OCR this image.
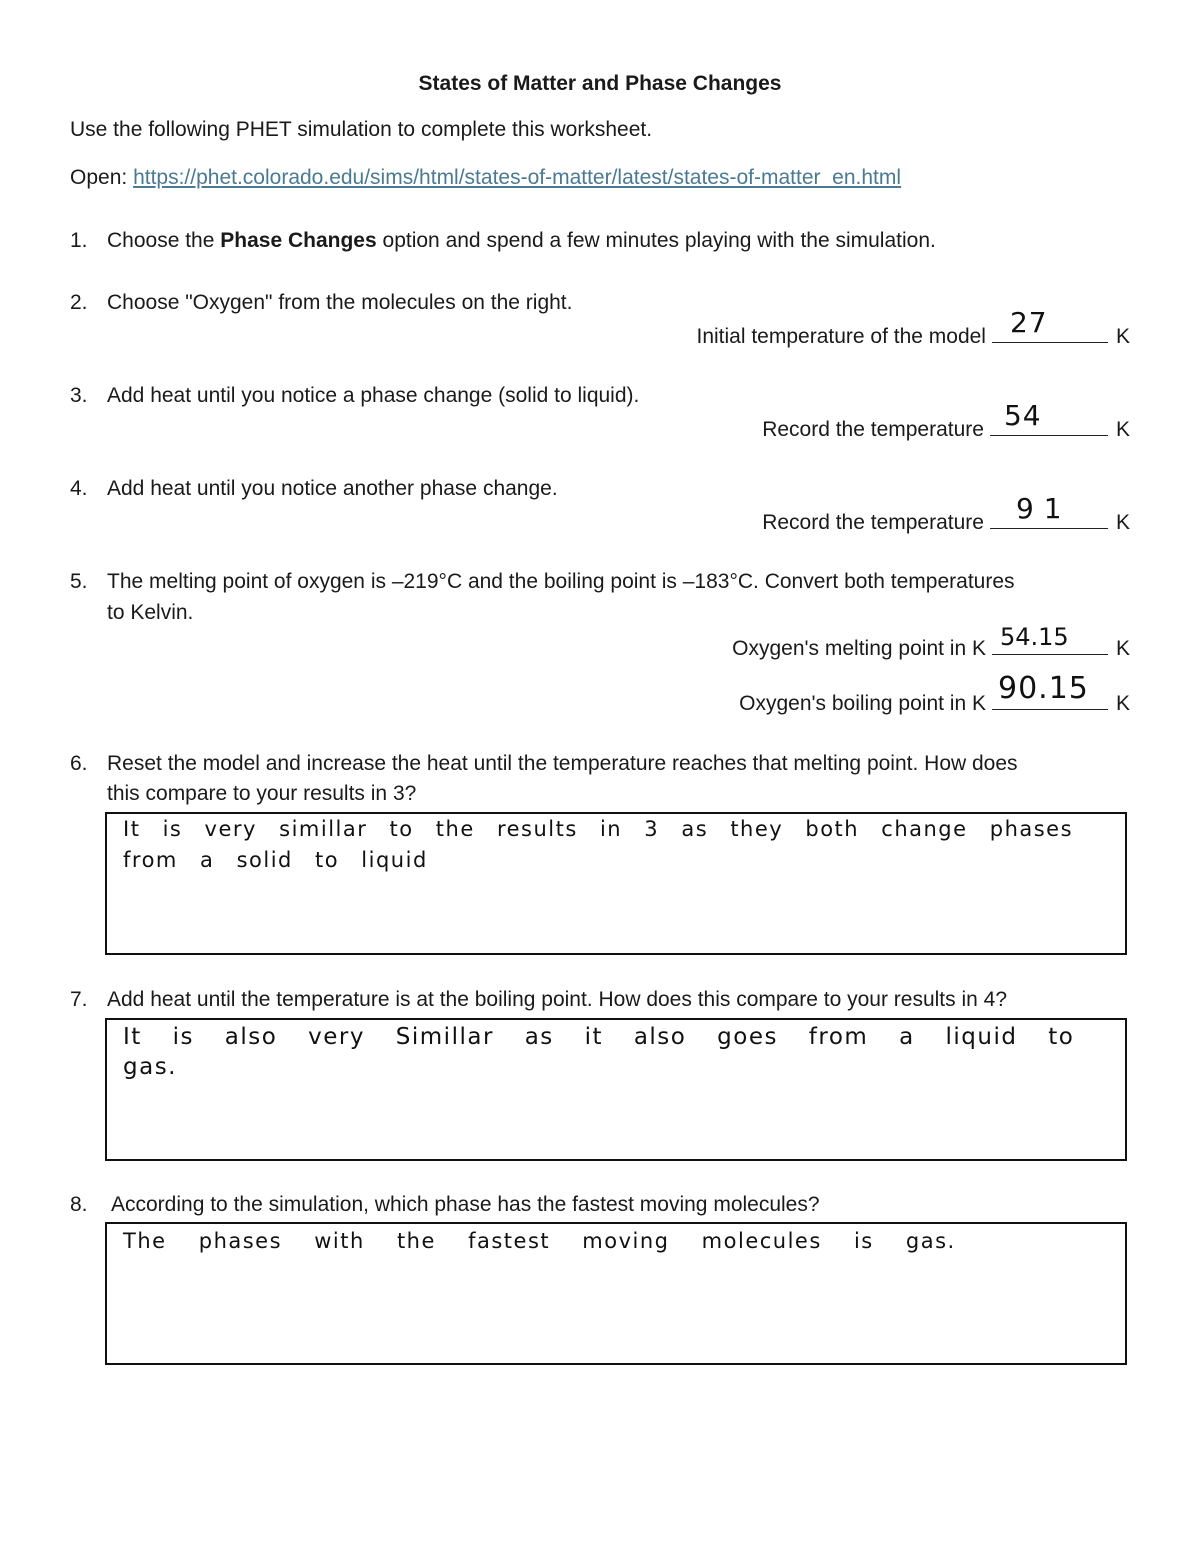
States of Matter and Phase Changes
Use the following PHET simulation to complete this worksheet.
Open: https://phet.colorado.edu/sims/html/states-of-matter/latest/states-of-matter_en.html
1. Choose the Phase Changes option and spend a few minutes playing with the simulation.
2. Choose "Oxygen" from the molecules on the right.
Initial temperature of the model 27	K
3. Add heat until you notice a phase change (solid to liquid).
Record the temperature 54	K
4. Add heat until you notice another phase change.
Record the temperature 91 K
5. The melting point of oxygen is –219°C and the boiling point is –183°C. Convert both temperatures
to Kelvin.
Oxygen's melting point in K 54.15 K
Oxygen's boiling point in K 90.15 K
6. Reset the model and increase the heat until the temperature reaches that melting point. How does
this compare to your results in 3?
It is very simillar to the results in 3 as they both change phases from a solid to liquid
7. Add heat until the temperature is at the boiling point. How does this compare to your results in 4?
It is also very Simillar as it also goes from a liquid to gas.
8. According to the simulation, which phase has the fastest moving molecules?
The phases with the fastest moving molecules is gas.
